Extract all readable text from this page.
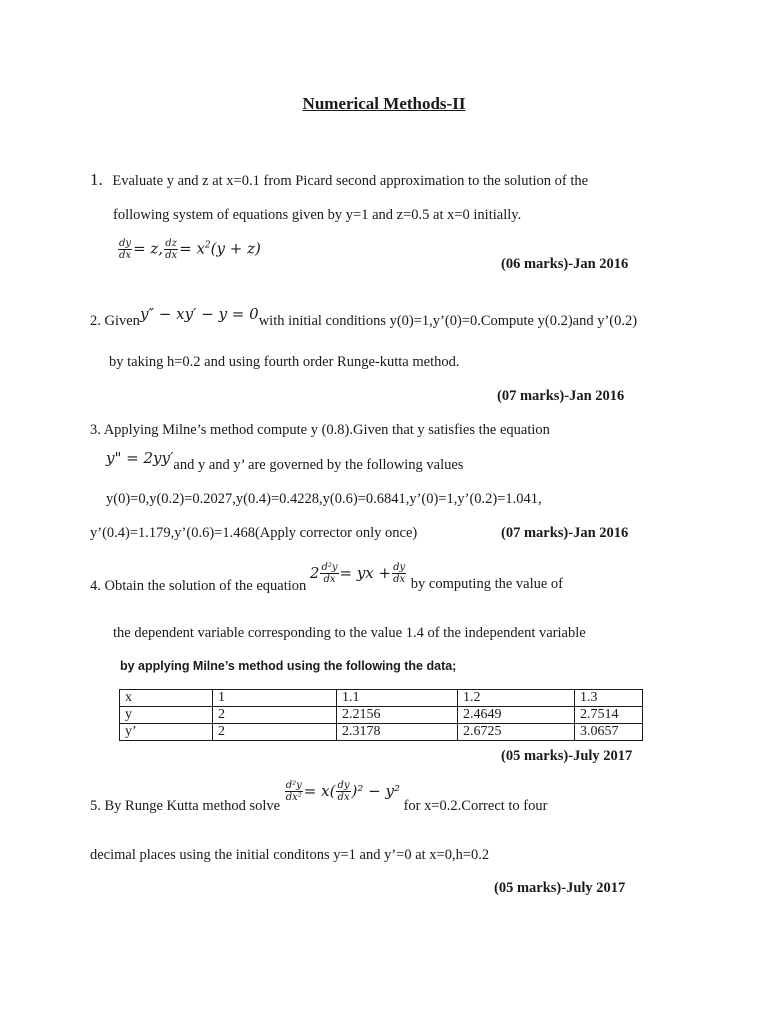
Numerical Methods-II
1. Evaluate y and z at x=0.1 from Picard second approximation to the solution of the
following system of equations given by y=1 and z=0.5 at x=0 initially.
$\frac{dy}{dx} = z$, $\frac{dz}{dx} = x^2(y + z)$
(06 marks)-Jan 2016
2. Giveny″ − xy′ − y = 0with initial conditions y(0)=1,y’(0)=0.Compute y(0.2)and y’(0.2)
by taking h=0.2 and using fourth order Runge-kutta method.
(07 marks)-Jan 2016
3. Applying Milne’s method compute y (0.8).Given that y satisfies the equation
y" = 2yy′and y and y’ are governed by the following values
y(0)=0,y(0.2)=0.2027,y(0.4)=0.4228,y(0.6)=0.6841,y’(0)=1,y’(0.2)=1.041,
y’(0.4)=1.179,y’(0.6)=1.468(Apply corrector only once)	(07 marks)-Jan 2016
4. Obtain the solution of the equation $2 \frac{\text{d²y}}{dx}$ = yx + $\frac{dy}{dx}$ by computing the value of
the dependent variable corresponding to the value 1.4 of the independent variable
by applying Milne’s method using the following the data;
x	1	1.1	1.2	1.3
y	2	2.2156	2.4649	2.7514
y’	2	2.3178	2.6725	3.0657
(05 marks)-July 2017
5. By Runge Kutta method solve
$\frac{\text{d²y}}{\text{dx²}} = x( \frac{dy}{dx} )^2 - y^2$ for x=0.2.Correct to four
decimal places using the initial conditons y=1 and y’=0 at x=0,h=0.2
(05 marks)-July 2017
